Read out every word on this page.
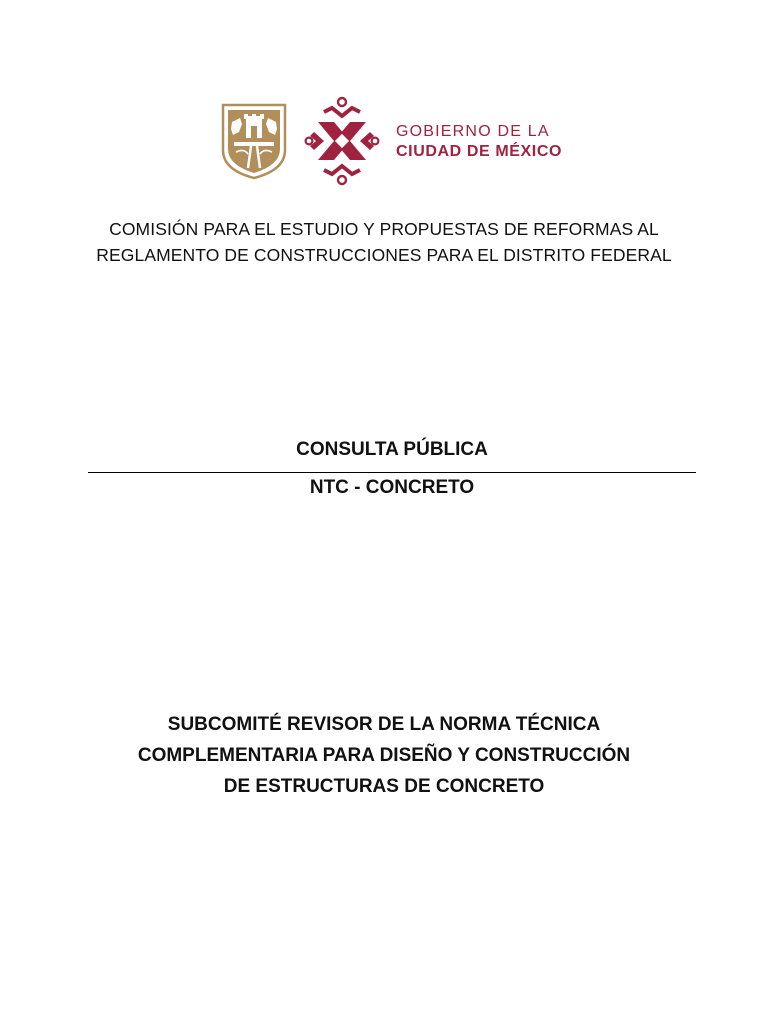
GOBIERNO DE LA
CIUDAD DE MÉXICO
COMISIÓN PARA EL ESTUDIO Y PROPUESTAS DE REFORMAS AL
REGLAMENTO DE CONSTRUCCIONES PARA EL DISTRITO FEDERAL
CONSULTA PÚBLICA
NTC - CONCRETO
SUBCOMITÉ REVISOR DE LA NORMA TÉCNICA
COMPLEMENTARIA PARA DISEÑO Y CONSTRUCCIÓN
DE ESTRUCTURAS DE CONCRETO
